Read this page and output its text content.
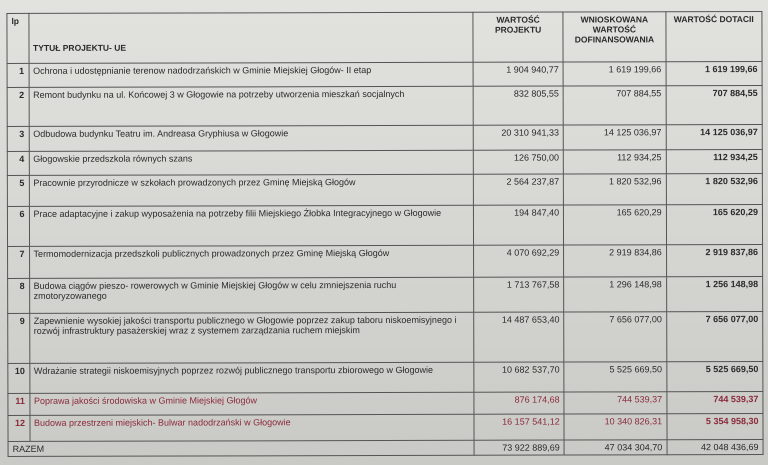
lp	TYTUŁ PROJEKTU- UE	WARTOŚĆ PROJEKTU	WNIOSKOWANA WARTOŚĆ DOFINANSOWANIA	WARTOŚĆ DOTACII
1	Ochrona i udostępnianie terenow nadodrzańskich w Gminie Miejskiej Głogów- II etap	1 904 940,77	1 619 199,66	1 619 199,66
2	Remont budynku na ul. Końcowej 3 w Głogowie na potrzeby utworzenia mieszkań socjalnych	832 805,55	707 884,55	707 884,55
3	Odbudowa budynku Teatru im. Andreasa Gryphiusa w Głogowie	20 310 941,33	14 125 036,97	14 125 036,97
4	Głogowskie przedszkola równych szans	126 750,00	112 934,25	112 934,25
5	Pracownie przyrodnicze w szkołach prowadzonych przez Gminę Miejską Głogów	2 564 237,87	1 820 532,96	1 820 532,96
6	Prace adaptacyjne i zakup wyposażenia na potrzeby filii Miejskiego Żłobka Integracyjnego w Głogowie	194 847,40	165 620,29	165 620,29
7	Termomodernizacja przedszkoli publicznych prowadzonych przez Gminę Miejską Głogów	4 070 692,29	2 919 834,86	2 919 837,86
8	Budowa ciągów pieszo- rowerowych w Gminie Miejskiej Głogów w celu zmniejszenia ruchu zmotoryzowanego	1 713 767,58	1 296 148,98	1 256 148,98
9	Zapewnienie wysokiej jakości transportu publicznego w Głogowie poprzez zakup taboru niskoemisyjnego i rozwój infrastruktury pasażerskiej wraz z systemem zarządzania ruchem miejskim	14 487 653,40	7 656 077,00	7 656 077,00
10	Wdrażanie strategii niskoemisyjnych poprzez rozwój publicznego transportu zbiorowego w Głogowie	10 682 537,70	5 525 669,50	5 525 669,50
11	Poprawa jakości środowiska w Gminie Miejskiej Głogów	876 174,68	744 539,37	744 539,37
12	Budowa przestrzeni miejskich- Bulwar nadodrzański w Głogowie	16 157 541,12	10 340 826,31	5 354 958,30
RAZEM		73 922 889,69	47 034 304,70	42 048 436,69
